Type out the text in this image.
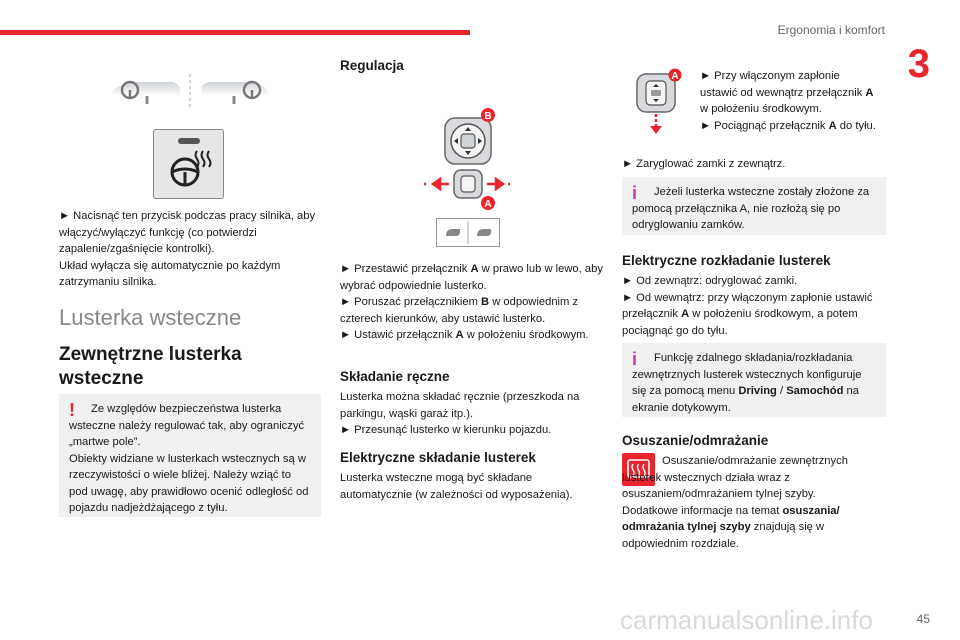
Ergonomia i komfort
3

► Nacisnąć ten przycisk podczas pracy silnika, aby włączyć/wyłączyć funkcję (co potwierdzi zapalenie/zgaśnięcie kontrolki).

Układ wyłącza się automatycznie po każdym zatrzymaniu silnika.

Lusterka wsteczne
Zewnętrzne lusterka wsteczne
!	Ze względów bezpieczeństwa lusterka wsteczne należy regulować tak, aby ograniczyć „martwe pole”.

Obiekty widziane w lusterkach wstecznych są w rzeczywistości o wiele bliżej. Należy wziąć to pod uwagę, aby prawidłowo ocenić odległość od pojazdu nadjeżdżającego z tyłu.

Regulacja
B
A

► Przestawić przełącznik A w prawo lub w lewo, aby wybrać odpowiednie lusterko.

► Poruszać przełącznikiem B w odpowiednim z czterech kierunków, aby ustawić lusterko.

► Ustawić przełącznik A w położeniu środkowym.

Składanie ręczne

Lusterka można składać ręcznie (przeszkoda na parkingu, wąski garaż itp.).

► Przesunąć lusterko w kierunku pojazdu.

Elektryczne składanie lusterek

Lusterka wsteczne mogą być składane automatycznie (w zależności od wyposażenia).

A ► Przy włączonym zapłonie ustawić od wewnątrz przełącznik A w położeniu środkowym.

► Pociągnąć przełącznik A do tyłu.

► Zaryglować zamki z zewnątrz.

i	Jeżeli lusterka wsteczne zostały złożone za pomocą przełącznika A, nie rozłożą się po odryglowaniu zamków.

Elektryczne rozkładanie lusterek

► Od zewnątrz: odryglować zamki.

► Od wewnątrz: przy włączonym zapłonie ustawić przełącznik A w położeniu środkowym, a potem pociągnąć go do tyłu.

i	Funkcję zdalnego składania/rozkładania zewnętrznych lusterek wstecznych konfiguruje się za pomocą menu Driving / Samochód na ekranie dotykowym.

Osuszanie/odmrażanie

Osuszanie/odmrażanie zewnętrznych lusterek wstecznych działa wraz z osuszaniem/odmrażaniem tylnej szyby.

Dodatkowe informacje na temat osuszania/ odmrażania tylnej szyby znajdują się w odpowiednim rozdziale.

carmanualsonline.info	45
